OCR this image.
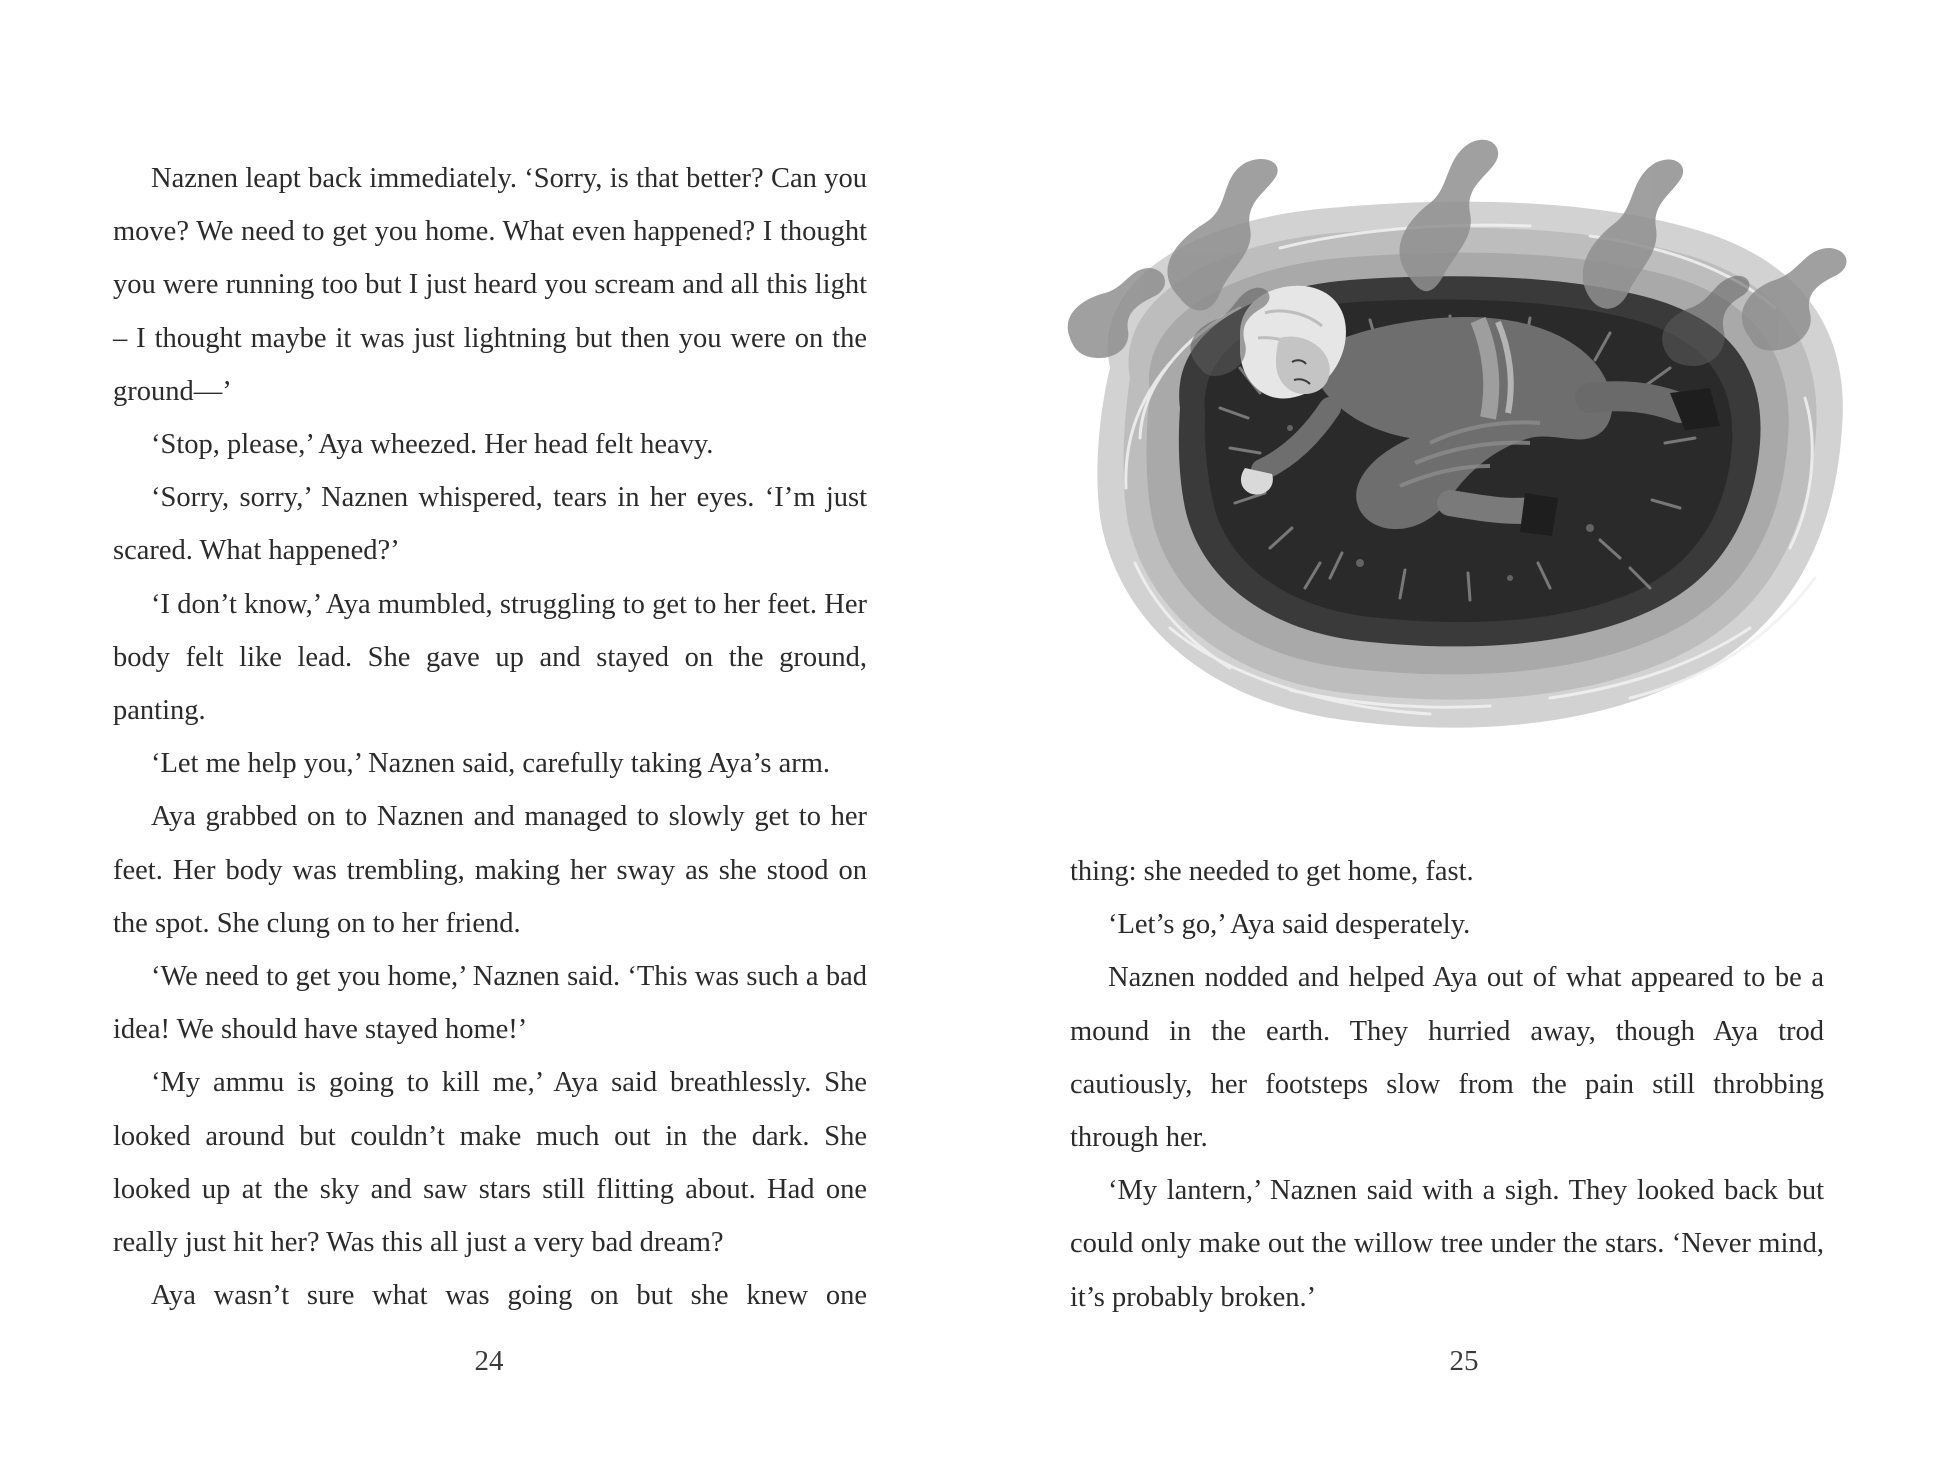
Naznen leapt back immediately. ‘Sorry, is that better? Can you move? We need to get you home. What even happened? I thought you were running too but I just heard you scream and all this light – I thought maybe it was just lightning but then you were on the ground—’

‘Stop, please,’ Aya wheezed. Her head felt heavy.

‘Sorry, sorry,’ Naznen whispered, tears in her eyes. ‘I’m just scared. What happened?’

‘I don’t know,’ Aya mumbled, struggling to get to her feet. Her body felt like lead. She gave up and stayed on the ground, panting.

‘Let me help you,’ Naznen said, carefully taking Aya’s arm.

Aya grabbed on to Naznen and managed to slowly get to her feet. Her body was trembling, making her sway as she stood on the spot. She clung on to her friend.

‘We need to get you home,’ Naznen said. ‘This was such a bad idea! We should have stayed home!’

‘My ammu is going to kill me,’ Aya said breathlessly. She looked around but couldn’t make much out in the dark. She looked up at the sky and saw stars still flitting about. Had one really just hit her? Was this all just a very bad dream?

Aya wasn’t sure what was going on but she knew one

24

thing: she needed to get home, fast.

‘Let’s go,’ Aya said desperately.

Naznen nodded and helped Aya out of what appeared to be a mound in the earth. They hurried away, though Aya trod cautiously, her footsteps slow from the pain still throbbing through her.

‘My lantern,’ Naznen said with a sigh. They looked back but could only make out the willow tree under the stars. ‘Never mind, it’s probably broken.’

25
